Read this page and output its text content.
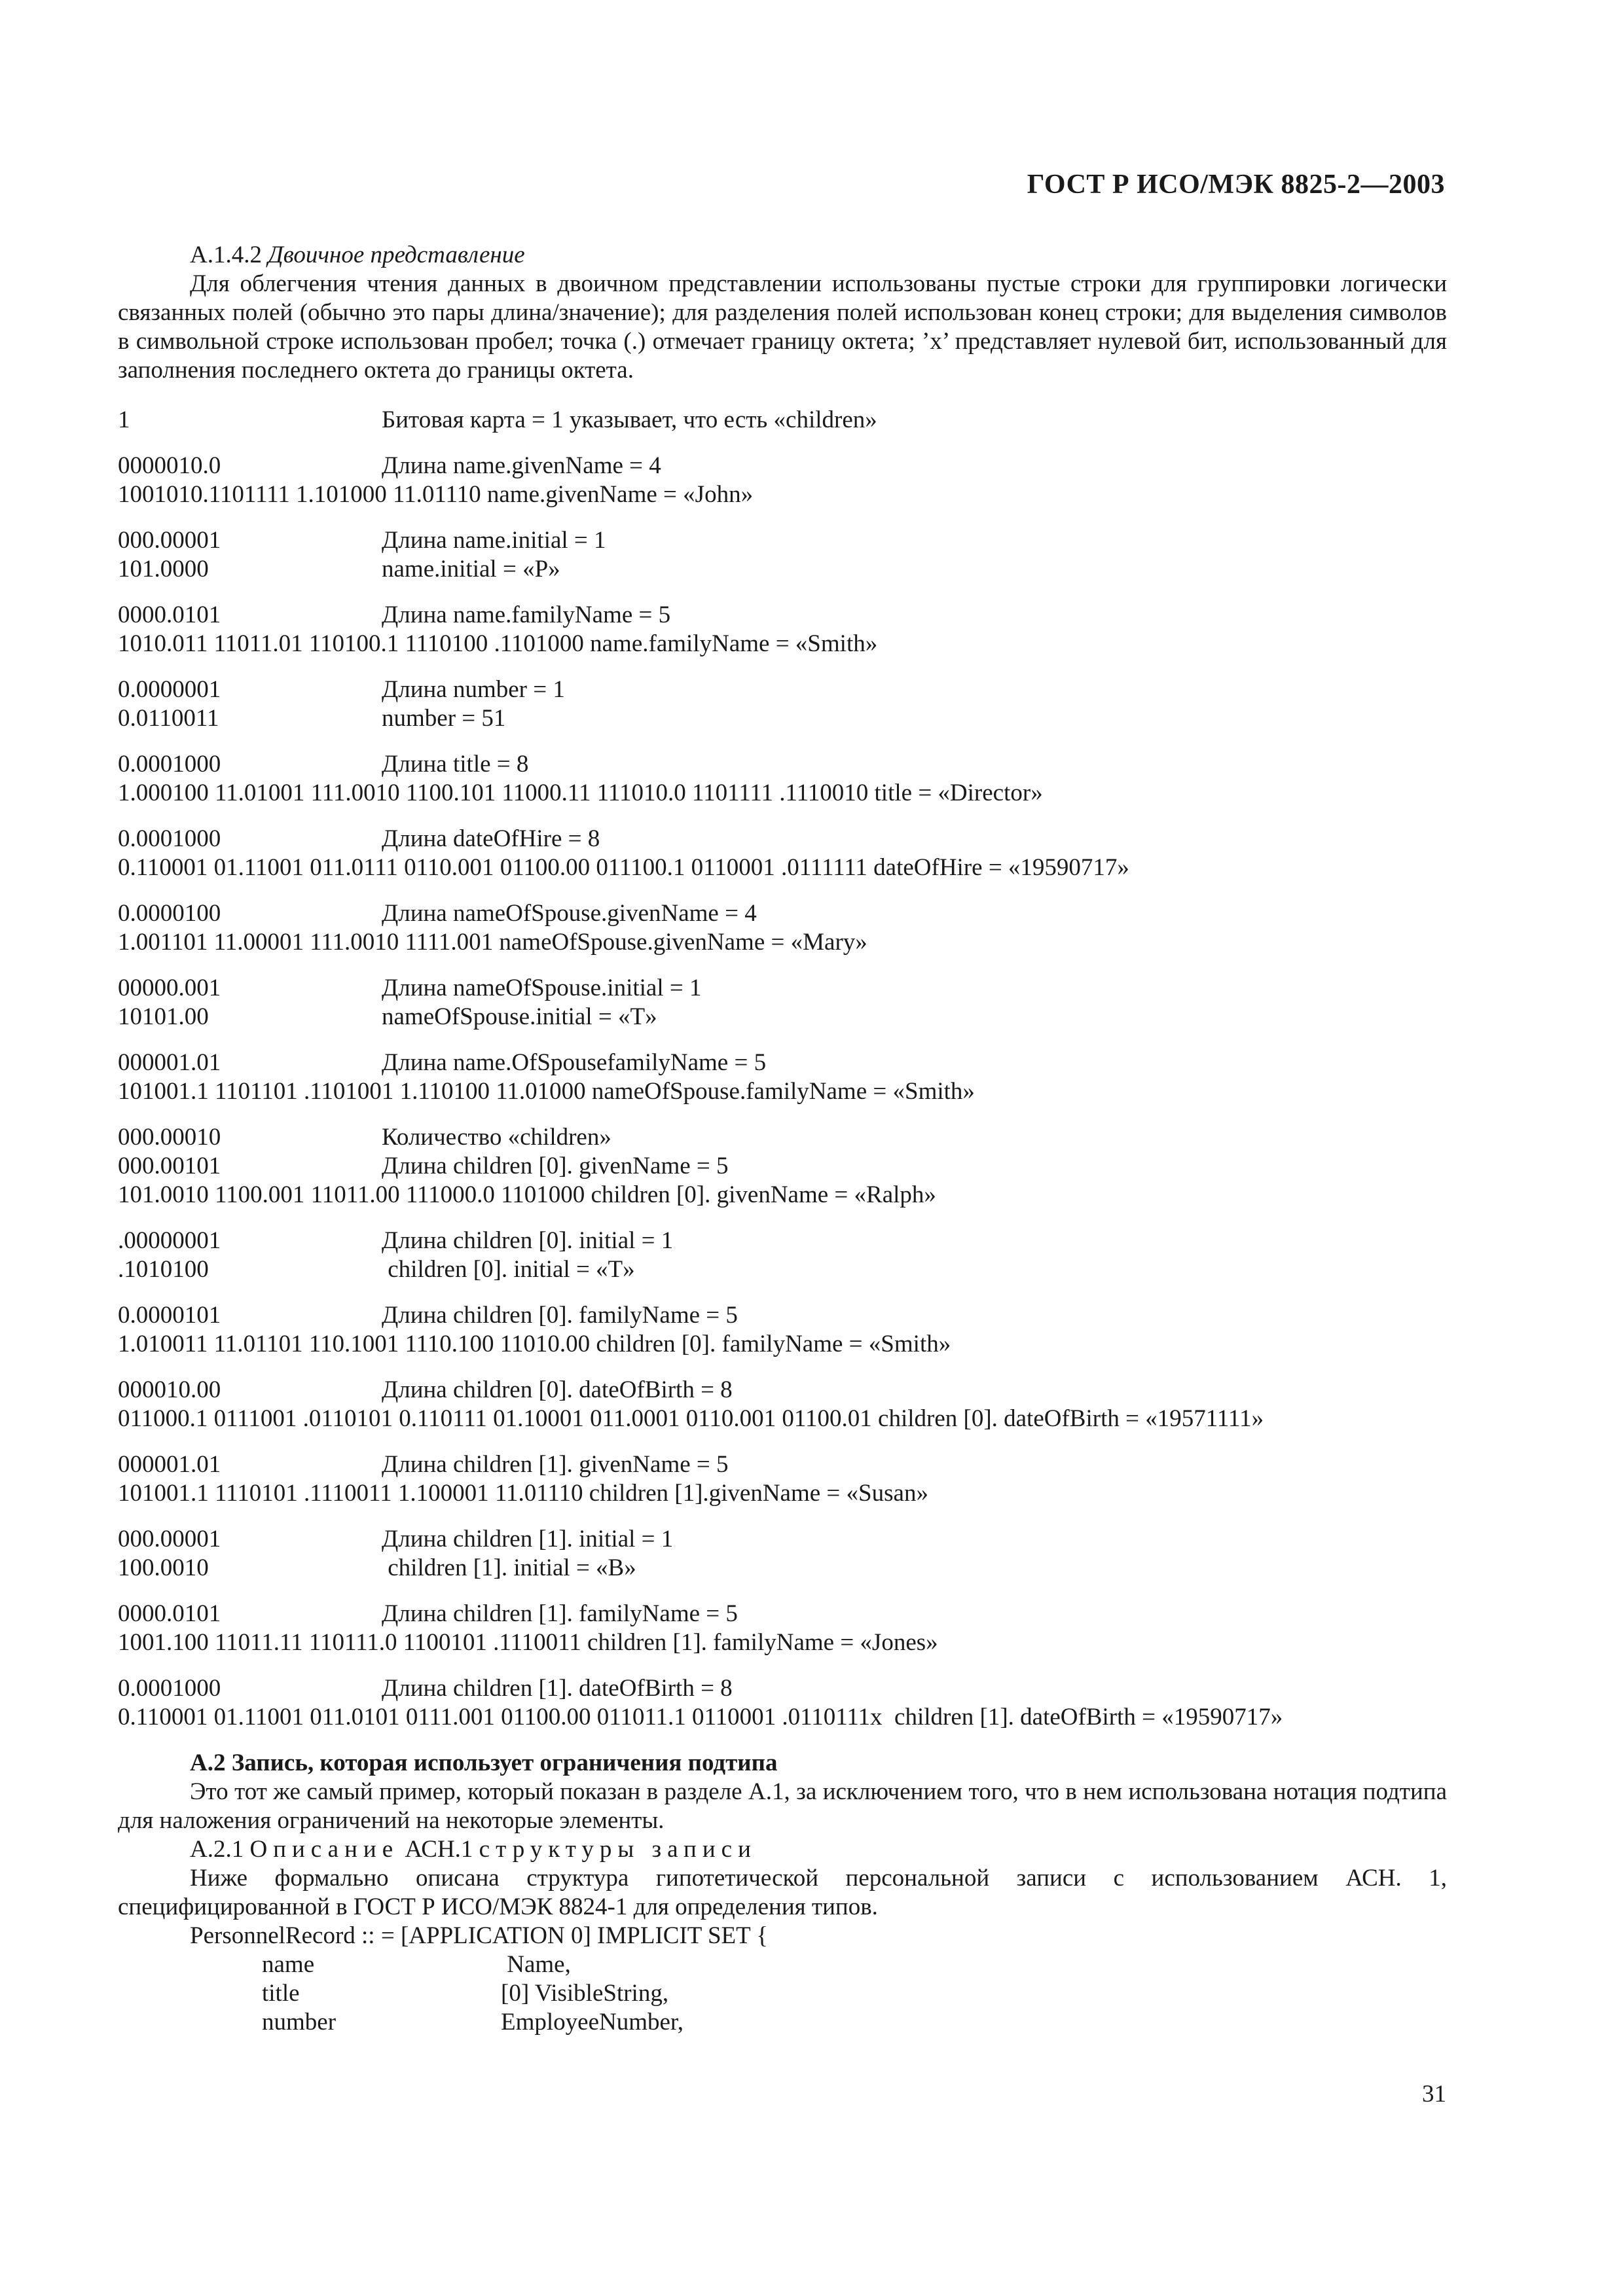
ГОСТ Р ИСО/МЭК 8825-2—2003
A.1.4.2 Двоичное представление
Для облегчения чтения данных в двоичном представлении использованы пустые строки для группировки логически связанных полей (обычно это пары длина/значение); для разделения полей использован конец строки; для выделения символов в символьной строке использован пробел; точка (.) отмечает границу октета; ’x’ представляет нулевой бит, использованный для заполнения последнего октета до границы октета.
1	Битовая карта = 1 указывает, что есть «children»
0000010.0	Длина name.givenName = 4
1001010.1101111 1.101000 11.01110 name.givenName = «John»
000.00001	Длина name.initial = 1
101.0000	name.initial = «P»
0000.0101	Длина name.familyName = 5
1010.011 11011.01 110100.1 1110100 .1101000 name.familyName = «Smith»
0.0000001	Длина number = 1
0.0110011	number = 51
0.0001000	Длина title = 8
1.000100 11.01001 111.0010 1100.101 11000.11 111010.0 1101111 .1110010 title = «Director»
0.0001000	Длина dateOfHire = 8
0.110001 01.11001 011.0111 0110.001 01100.00 011100.1 0110001 .0111111 dateOfHire = «19590717»
0.0000100	Длина nameOfSpouse.givenName = 4
1.001101 11.00001 111.0010 1111.001 nameOfSpouse.givenName = «Mary»
00000.001	Длина nameOfSpouse.initial = 1
10101.00	nameOfSpouse.initial = «T»
000001.01	Длина name.OfSpousefamilyName = 5
101001.1 1101101 .1101001 1.110100 11.01000 nameOfSpouse.familyName = «Smith»
000.00010	Количество «children»
000.00101	Длина children [0]. givenName = 5
101.0010 1100.001 11011.00 111000.0 1101000 children [0]. givenName = «Ralph»
.00000001	Длина children [0]. initial = 1
.1010100	children [0]. initial = «T»
0.0000101	Длина children [0]. familyName = 5
1.010011 11.01101 110.1001 1110.100 11010.00 children [0]. familyName = «Smith»
000010.00	Длина children [0]. dateOfBirth = 8
011000.1 0111001 .0110101 0.110111 01.10001 011.0001 0110.001 01100.01 children [0]. dateOfBirth = «19571111»
000001.01	Длина children [1]. givenName = 5
101001.1 1110101 .1110011 1.100001 11.01110 children [1].givenName = «Susan»
000.00001	Длина children [1]. initial = 1
100.0010	children [1]. initial = «B»
0000.0101	Длина children [1]. familyName = 5
1001.100 11011.11 110111.0 1100101 .1110011 children [1]. familyName = «Jones»
0.0001000	Длина children [1]. dateOfBirth = 8
0.110001 01.11001 011.0101 0111.001 01100.00 011011.1 0110001 .0110111x  children [1]. dateOfBirth = «19590717»
A.2 Запись, которая использует ограничения подтипа
Это тот же самый пример, который показан в разделе A.1, за исключением того, что в нем использована нотация подтипа для наложения ограничений на некоторые элементы.
A.2.1 Описание АСН.1 структуры записи
Ниже формально описана структура гипотетической персональной записи с использованием АСН. 1, специфицированной в ГОСТ Р ИСО/МЭК 8824-1 для определения типов.
PersonnelRecord :: = [APPLICATION 0] IMPLICIT SET {
name	Name,
title	[0] VisibleString,
number	EmployeeNumber,
31
